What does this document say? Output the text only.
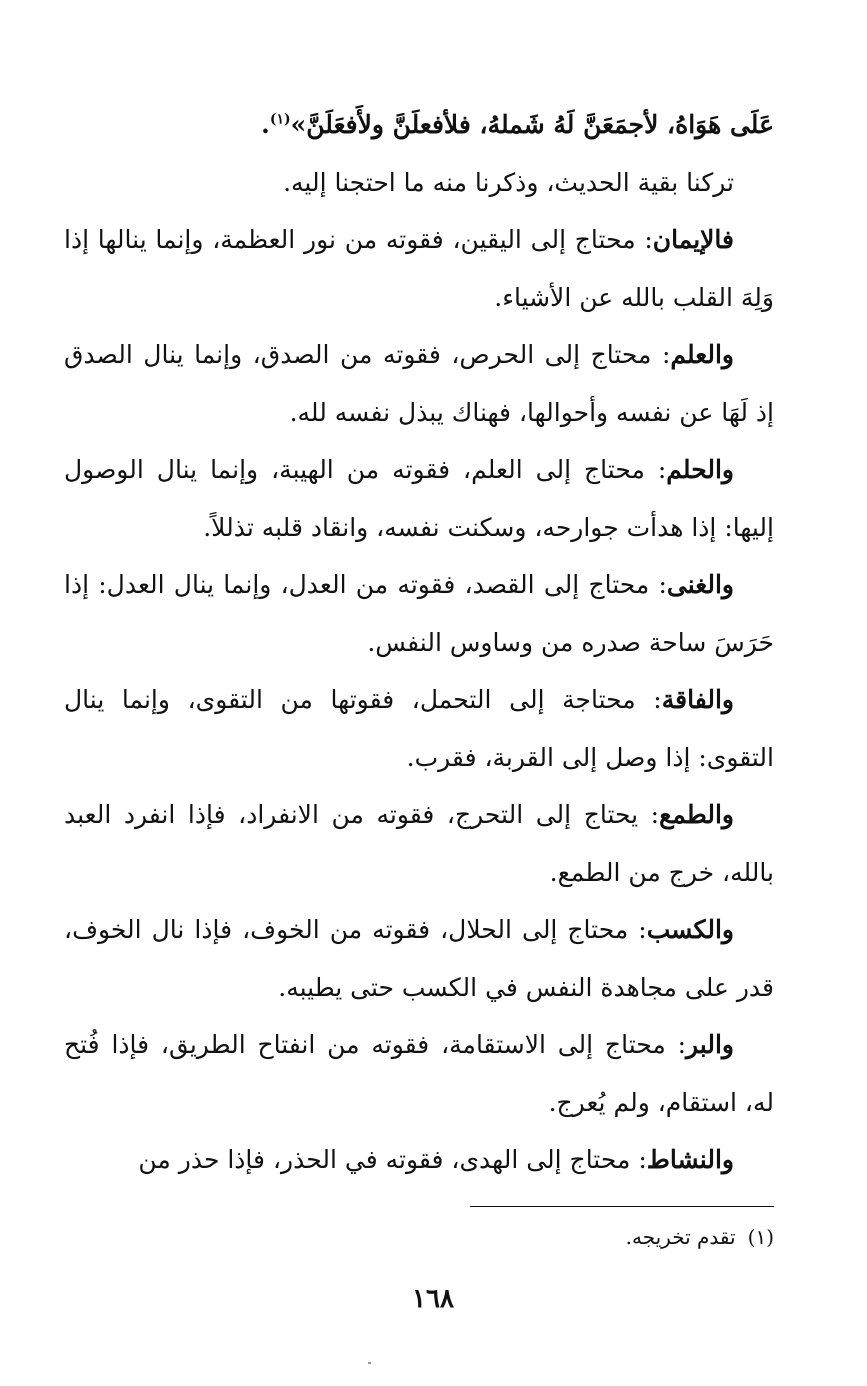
عَلَى هَوَاهُ، لأجمَعَنَّ لَهُ شَملهُ، فلأفعلَنَّ ولأَفعَلَنَّ»$^{(١)}$.

تركنا بقية الحديث، وذكرنا منه ما احتجنا إليه.

فالإيمان: محتاج إلى اليقين، فقوته من نور العظمة، وإنما ينالها إذا وَلِهَ القلب بالله عن الأشياء.

والعلم: محتاج إلى الحرص، فقوته من الصدق، وإنما ينال الصدق إذ لَهَا عن نفسه وأحوالها، فهناك يبذل نفسه لله.

والحلم: محتاج إلى العلم، فقوته من الهيبة، وإنما ينال الوصول إليها: إذا هدأت جوارحه، وسكنت نفسه، وانقاد قلبه تذللاً.

والغنى: محتاج إلى القصد، فقوته من العدل، وإنما ينال العدل: إذا حَرَسَ ساحة صدره من وساوس النفس.

والفاقة: محتاجة إلى التحمل، فقوتها من التقوى، وإنما ينال التقوى: إذا وصل إلى القربة، فقرب.

والطمع: يحتاج إلى التحرج، فقوته من الانفراد، فإذا انفرد العبد بالله، خرج من الطمع.

والكسب: محتاج إلى الحلال، فقوته من الخوف، فإذا نال الخوف، قدر على مجاهدة النفس في الكسب حتى يطيبه.

والبر: محتاج إلى الاستقامة، فقوته من انفتاح الطريق، فإذا فُتح له، استقام، ولم يُعرج.

والنشاط: محتاج إلى الهدى، فقوته في الحذر، فإذا حذر من

(١)تقدم تخريجه.
١٦٨
